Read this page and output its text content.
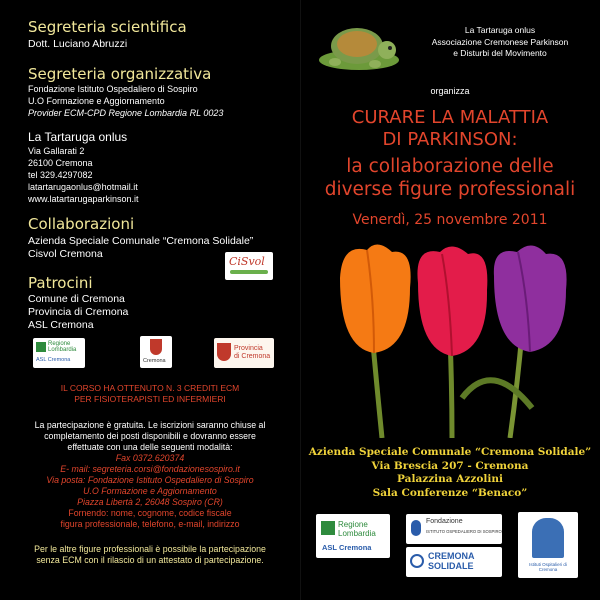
Segreteria scientifica
Dott. Luciano Abruzzi
Segreteria organizzativa
Fondazione Istituto Ospedaliero di Sospiro
U.O Formazione e Aggiornamento
Provider ECM-CPD Regione Lombardia RL 0023
La Tartaruga onlus
Via Gallarati 2
26100 Cremona
tel 329.4297082
latartarugaonlus@hotmail.it
www.latartarugaparkinson.it
Collaborazioni
Azienda Speciale Comunale “Cremona Solidale”
Cisvol Cremona
CiSvol
Patrocini
Comune di Cremona
Provincia di Cremona
ASL Cremona
Regione
Lombardia
ASL Cremona	Cremona
Provincia
di Cremona
IL CORSO HA OTTENUTO N. 3 CREDITI ECM
PER FISIOTERAPISTI ED INFERMIERI
La partecipazione è gratuita. Le iscrizioni saranno chiuse al
completamento dei posti disponibili e dovranno essere
effettuate con una delle seguenti modalità:
Fax 0372.620374
E- mail: segreteria.corsi@fondazionesospiro.it
Via posta: Fondazione Istituto Ospedaliero di Sospiro
U.O Formazione e Aggiornamento
Piazza Libertà 2, 26048 Sospiro (CR)
Fornendo: nome, cognome, codice fiscale
figura professionale, telefono, e-mail, indirizzo
Per le altre figure professionali è possibile la partecipazione
senza ECM con il rilascio di un attestato di partecipazione.
La Tartaruga onlus
Associazione Cremonese Parkinson
e Disturbi del Movimento
organizza
CURARE LA MALATTIA
DI PARKINSON:
la collaborazione delle
diverse figure professionali
Venerdì, 25 novembre 2011
Azienda Speciale Comunale “Cremona Solidale”
Via Brescia 207 - Cremona
Palazzina Azzolini
Sala Conferenze “Benaco”
Regione
Lombardia
ASL Cremona
Fondazione
ISTITUTO OSPEDALIERO DI SOSPIRO
CREMONA
SOLIDALE	Istituti Ospitalieri di Cremona
